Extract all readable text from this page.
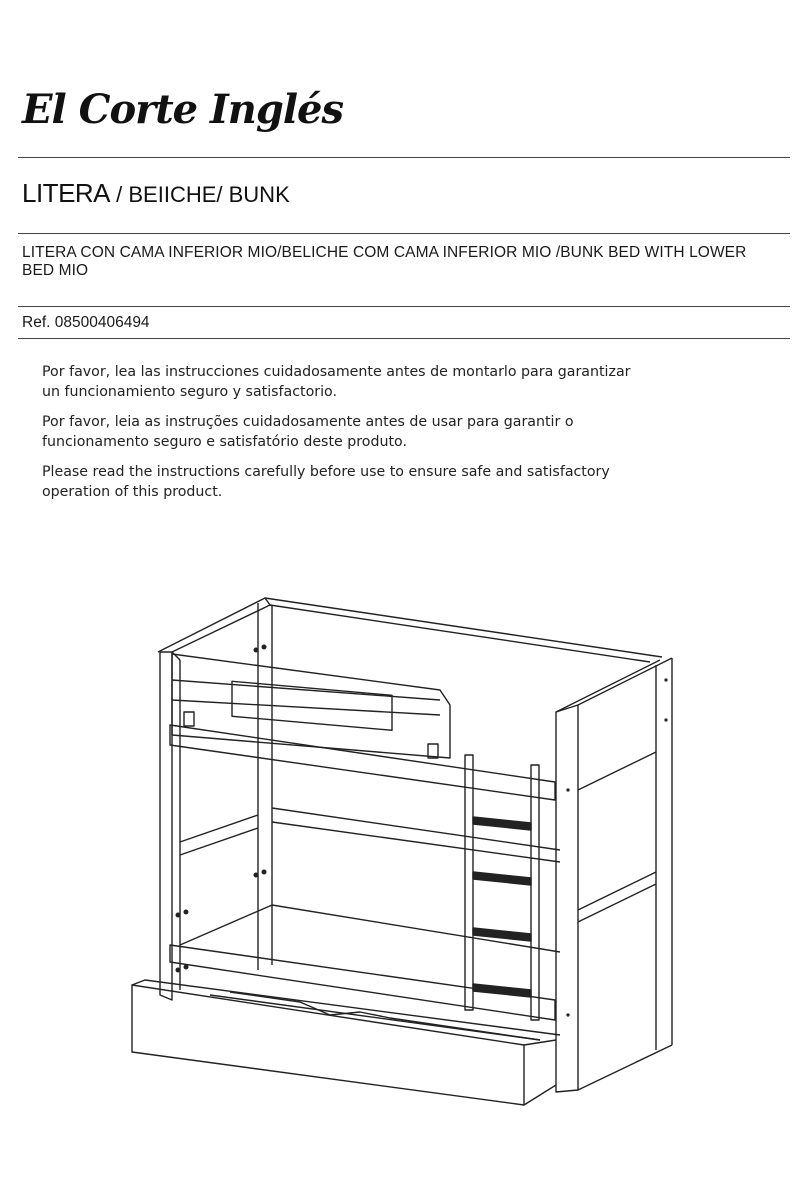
El Corte Inglés
LITERA / BEIICHE/ BUNK
LITERA CON CAMA INFERIOR MIO/BELICHE COM CAMA INFERIOR MIO /BUNK BED WITH LOWER BED MIO
Ref. 08500406494

Por favor, lea las instrucciones cuidadosamente antes de montarlo para garantizar un funcionamiento seguro y satisfactorio.

Por favor, leia as instruções cuidadosamente antes de usar para garantir o funcionamento seguro e satisfatório deste produto.

Please read the instructions carefully before use to ensure safe and satisfactory operation of this product.
